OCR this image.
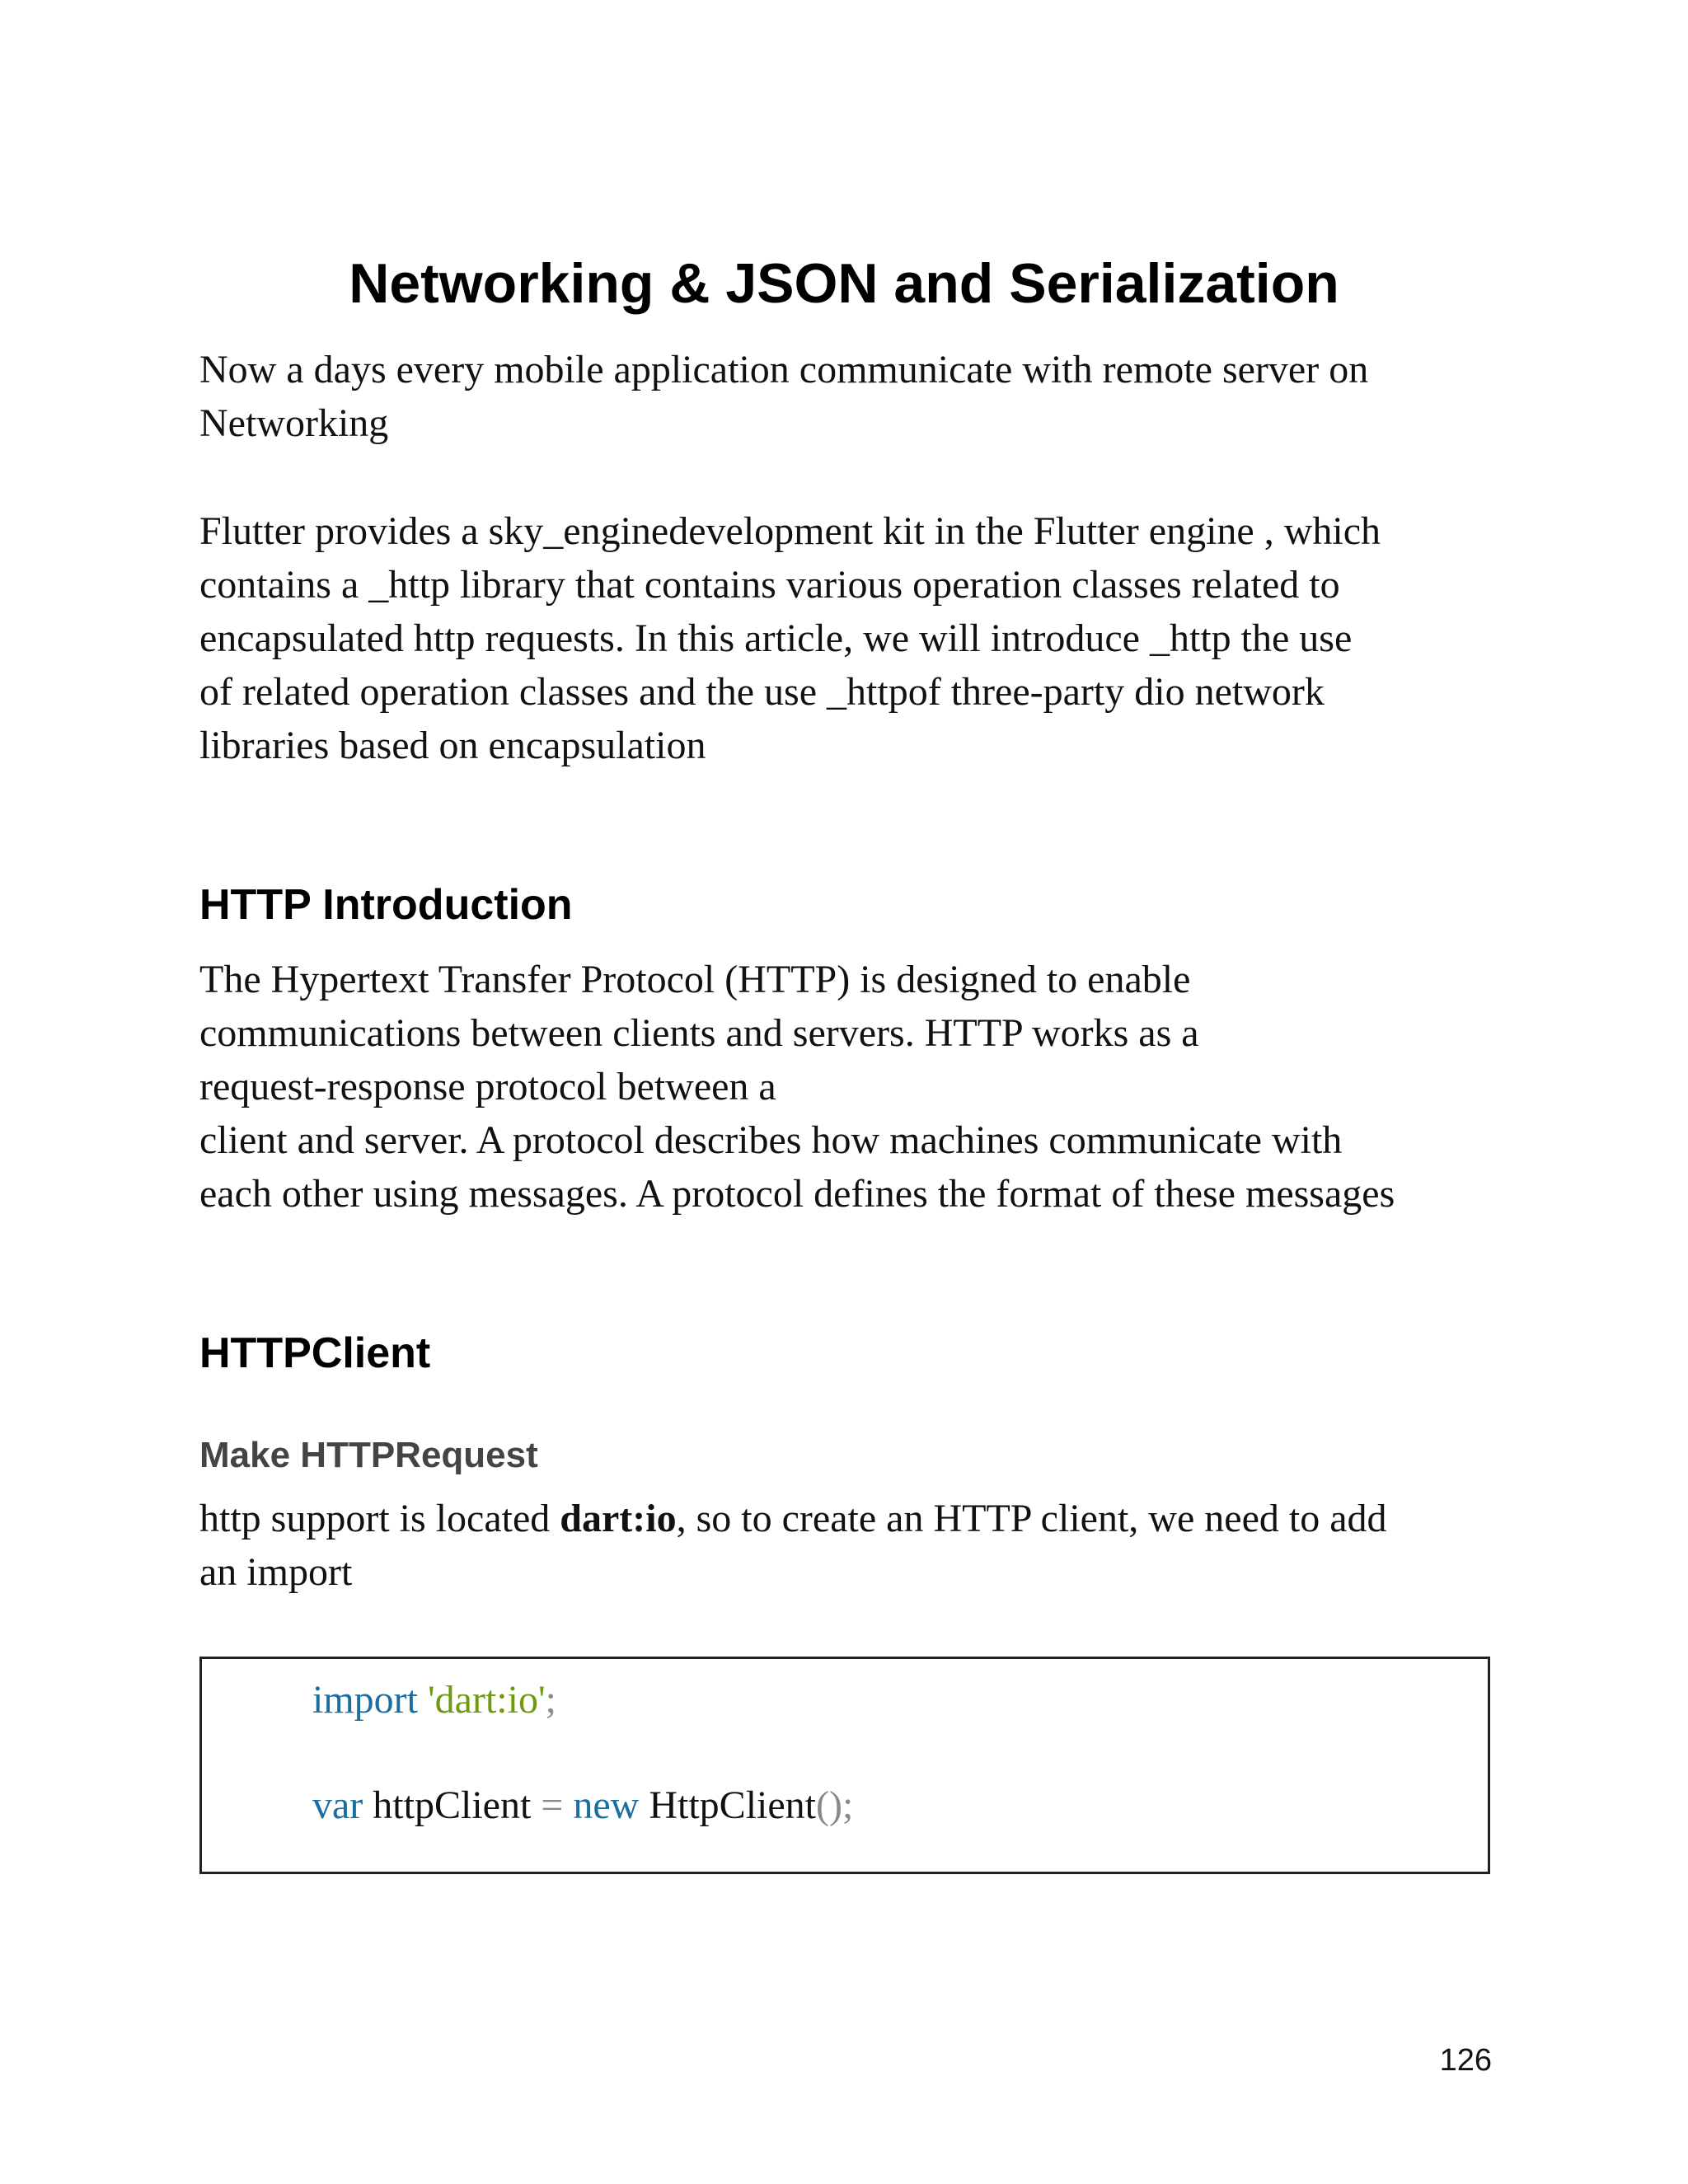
Networking & JSON and Serialization

Now a days every mobile application communicate with remote server on
Networking

Flutter provides a sky_enginedevelopment kit in the Flutter engine , which
contains a _http library that contains various operation classes related to
encapsulated http requests. In this article, we will introduce _http the use
of related operation classes and the use _httpof three-party dio network
libraries based on encapsulation

HTTP Introduction

The Hypertext Transfer Protocol (HTTP) is designed to enable
communications between clients and servers. HTTP works as a
request-response protocol between a
client and server. A protocol describes how machines communicate with
each other using messages. A protocol defines the format of these messages

HTTPClient
Make HTTPRequest

http support is located dart:io, so to create an HTTP client, we need to add
an import

import 'dart:io';
var httpClient = new HttpClient();
126
